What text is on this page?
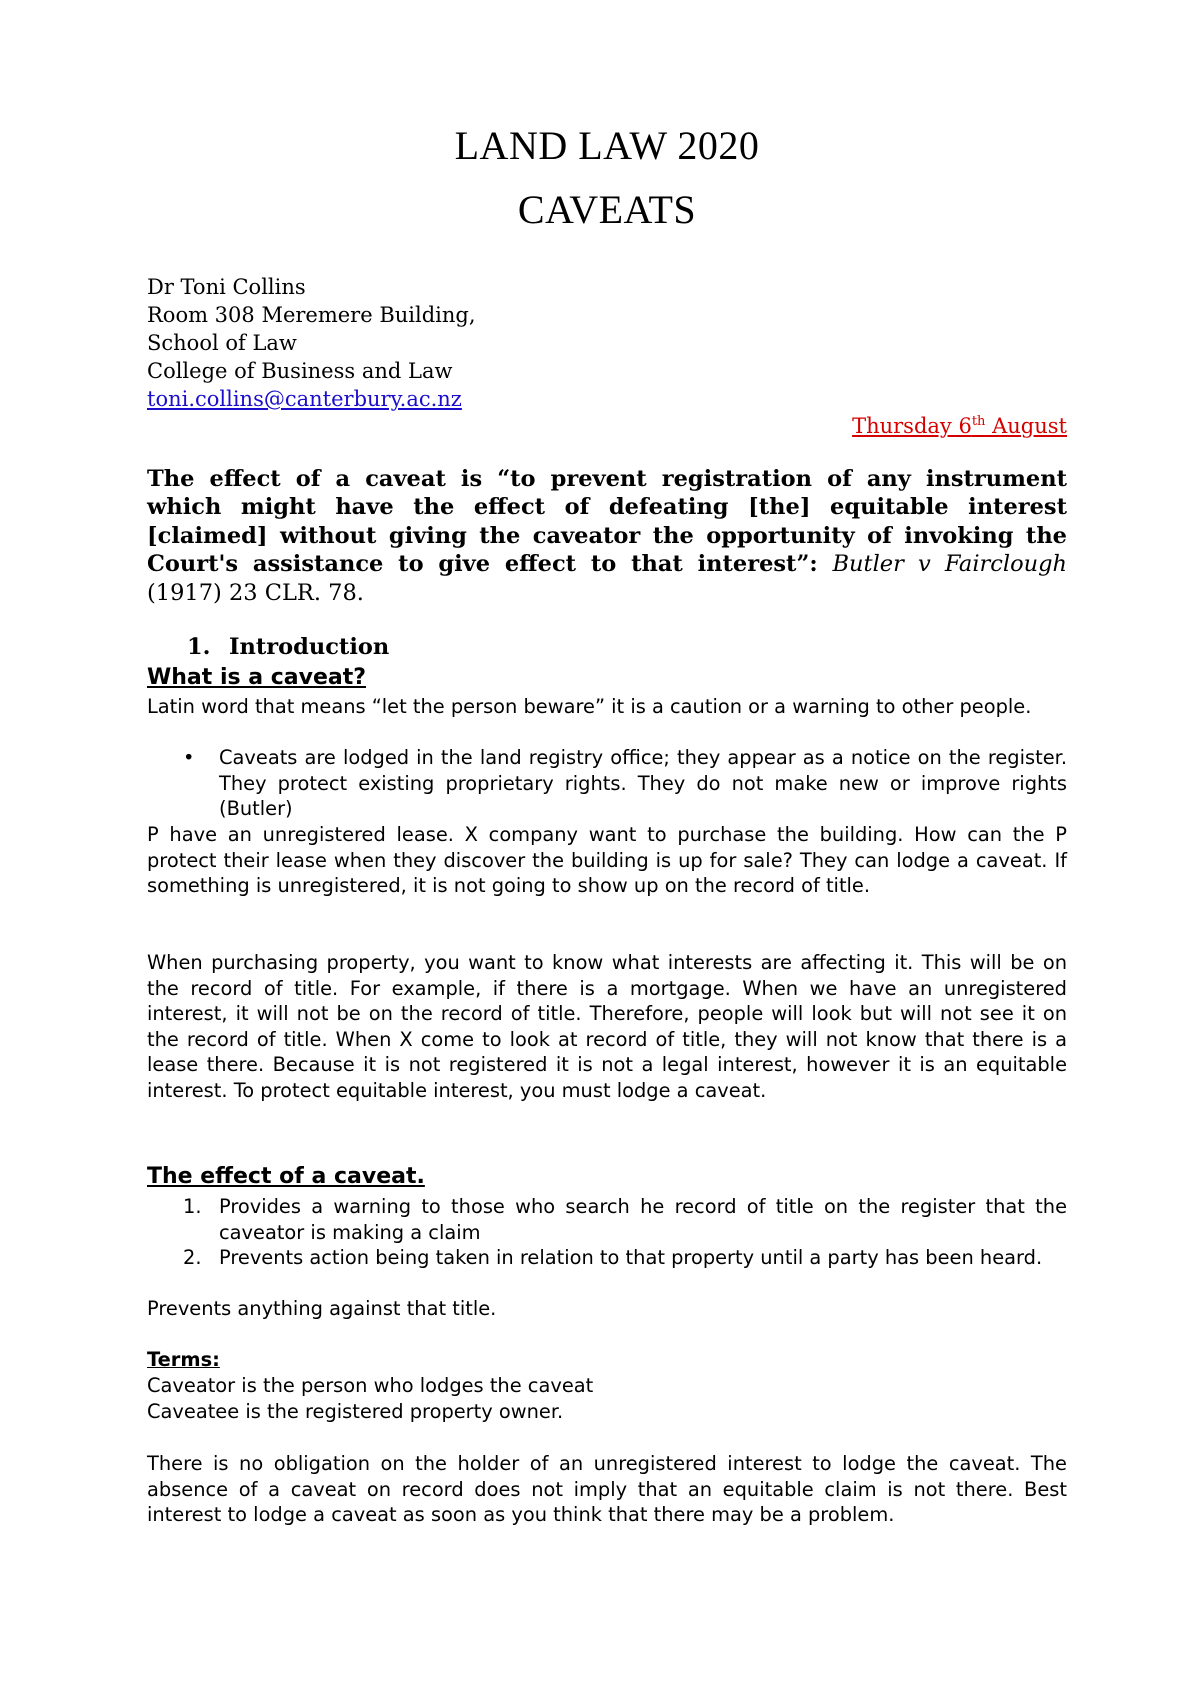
LAND LAW 2020
CAVEATS
Dr Toni Collins
Room 308 Meremere Building,
School of Law
College of Business and Law
toni.collins@canterbury.ac.nz
Thursday 6th August
The effect of a caveat is “to prevent registration of any instrument which might have the effect of defeating [the] equitable interest [claimed] without giving the caveator the opportunity of invoking the Court's assistance to give effect to that interest”: Butler v Fairclough (1917) 23 CLR. 78.
1. Introduction
What is a caveat?
Latin word that means “let the person beware” it is a caution or a warning to other people.
• Caveats are lodged in the land registry office; they appear as a notice on the register. They protect existing proprietary rights. They do not make new or improve rights (Butler)
P have an unregistered lease. X company want to purchase the building. How can the P protect their lease when they discover the building is up for sale? They can lodge a caveat. If something is unregistered, it is not going to show up on the record of title.
When purchasing property, you want to know what interests are affecting it. This will be on the record of title. For example, if there is a mortgage. When we have an unregistered interest, it will not be on the record of title. Therefore, people will look but will not see it on the record of title. When X come to look at record of title, they will not know that there is a lease there. Because it is not registered it is not a legal interest, however it is an equitable interest. To protect equitable interest, you must lodge a caveat.
The effect of a caveat.
1. Provides a warning to those who search he record of title on the register that the caveator is making a claim
2. Prevents action being taken in relation to that property until a party has been heard.
Prevents anything against that title.
Terms:
Caveator is the person who lodges the caveat
Caveatee is the registered property owner.
There is no obligation on the holder of an unregistered interest to lodge the caveat. The absence of a caveat on record does not imply that an equitable claim is not there. Best interest to lodge a caveat as soon as you think that there may be a problem.
